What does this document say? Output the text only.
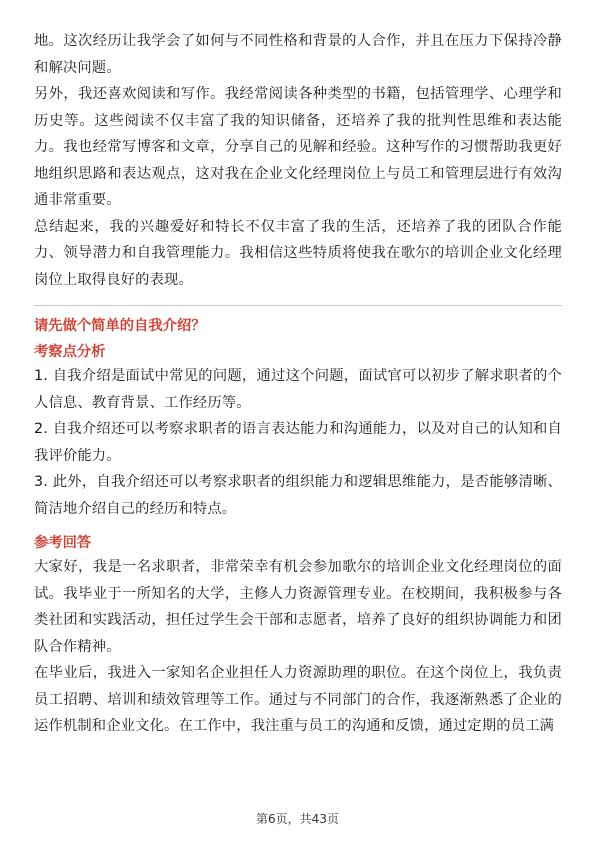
地。这次经历让我学会了如何与不同性格和背景的人合作，并且在压力下保持冷静和解决问题。

另外，我还喜欢阅读和写作。我经常阅读各种类型的书籍，包括管理学、心理学和历史等。这些阅读不仅丰富了我的知识储备，还培养了我的批判性思维和表达能力。我也经常写博客和文章，分享自己的见解和经验。这种写作的习惯帮助我更好地组织思路和表达观点，这对我在企业文化经理岗位上与员工和管理层进行有效沟通非常重要。

总结起来，我的兴趣爱好和特长不仅丰富了我的生活，还培养了我的团队合作能力、领导潜力和自我管理能力。我相信这些特质将使我在歌尔的培训企业文化经理岗位上取得良好的表现。

请先做个简单的自我介绍？

考察点分析

1. 自我介绍是面试中常见的问题，通过这个问题，面试官可以初步了解求职者的个人信息、教育背景、工作经历等。

2. 自我介绍还可以考察求职者的语言表达能力和沟通能力，以及对自己的认知和自我评价能力。

3. 此外，自我介绍还可以考察求职者的组织能力和逻辑思维能力，是否能够清晰、简洁地介绍自己的经历和特点。

参考回答

大家好，我是一名求职者，非常荣幸有机会参加歌尔的培训企业文化经理岗位的面试。我毕业于一所知名的大学，主修人力资源管理专业。在校期间，我积极参与各类社团和实践活动，担任过学生会干部和志愿者，培养了良好的组织协调能力和团队合作精神。

在毕业后，我进入一家知名企业担任人力资源助理的职位。在这个岗位上，我负责员工招聘、培训和绩效管理等工作。通过与不同部门的合作，我逐渐熟悉了企业的运作机制和企业文化。在工作中，我注重与员工的沟通和反馈，通过定期的员工满

第6页，共43页
